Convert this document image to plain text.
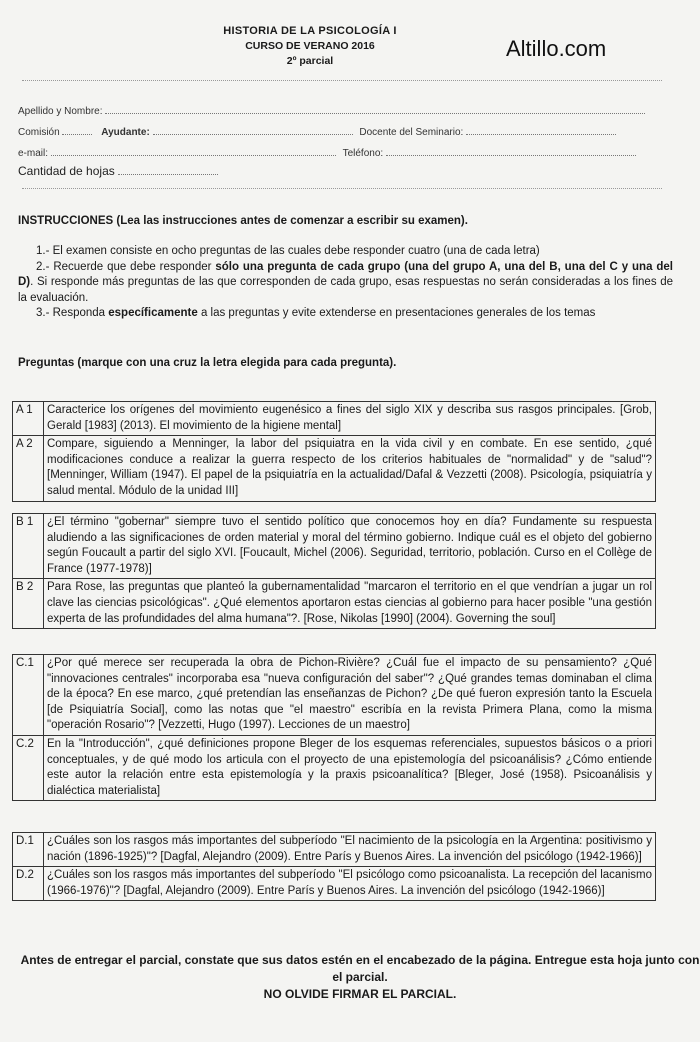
HISTORIA DE LA PSICOLOGÍA I
CURSO DE VERANO 2016
2º parcial	Altillo.com
Apellido y Nombre:
Comisión	Ayudante:	Docente del Seminario:
e-mail:	Teléfono:
Cantidad de hojas
INSTRUCCIONES (Lea las instrucciones antes de comenzar a escribir su examen).

1.- El examen consiste en ocho preguntas de las cuales debe responder cuatro (una de cada letra)

2.- Recuerde que debe responder sólo una pregunta de cada grupo (una del grupo A, una del B, una del C y una del D). Si responde más preguntas de las que corresponden de cada grupo, esas respuestas no serán consideradas a los fines de la evaluación.

3.- Responda específicamente a las preguntas y evite extenderse en presentaciones generales de los temas

Preguntas (marque con una cruz la letra elegida para cada pregunta).
A 1	Caracterice los orígenes del movimiento eugenésico a fines del siglo XIX y describa sus rasgos principales. [Grob, Gerald [1983] (2013). El movimiento de la higiene mental]
A 2	Compare, siguiendo a Menninger, la labor del psiquiatra en la vida civil y en combate. En ese sentido, ¿qué modificaciones conduce a realizar la guerra respecto de los criterios habituales de "normalidad" y de "salud"? [Menninger, William (1947). El papel de la psiquiatría en la actualidad/Dafal & Vezzetti (2008). Psicología, psiquiatría y salud mental. Módulo de la unidad III]
B 1	¿El término "gobernar" siempre tuvo el sentido político que conocemos hoy en día? Fundamente su respuesta aludiendo a las significaciones de orden material y moral del término gobierno. Indique cuál es el objeto del gobierno según Foucault a partir del siglo XVI. [Foucault, Michel (2006). Seguridad, territorio, población. Curso en el Collège de France (1977-1978)]
B 2	Para Rose, las preguntas que planteó la gubernamentalidad "marcaron el territorio en el que vendrían a jugar un rol clave las ciencias psicológicas". ¿Qué elementos aportaron estas ciencias al gobierno para hacer posible "una gestión experta de las profundidades del alma humana"?. [Rose, Nikolas [1990] (2004). Governing the soul]
C.1	¿Por qué merece ser recuperada la obra de Pichon-Rivière? ¿Cuál fue el impacto de su pensamiento? ¿Qué "innovaciones centrales" incorporaba esa "nueva configuración del saber"? ¿Qué grandes temas dominaban el clima de la época? En ese marco, ¿qué pretendían las enseñanzas de Pichon? ¿De qué fueron expresión tanto la Escuela [de Psiquiatría Social], como las notas que "el maestro" escribía en la revista Primera Plana, como la misma "operación Rosario"? [Vezzetti, Hugo (1997). Lecciones de un maestro]
C.2	En la "Introducción", ¿qué definiciones propone Bleger de los esquemas referenciales, supuestos básicos o a priori conceptuales, y de qué modo los articula con el proyecto de una epistemología del psicoanálisis? ¿Cómo entiende este autor la relación entre esta epistemología y la praxis psicoanalítica? [Bleger, José (1958). Psicoanálisis y dialéctica materialista]
D.1	¿Cuáles son los rasgos más importantes del subperíodo "El nacimiento de la psicología en la Argentina: positivismo y nación (1896-1925)"? [Dagfal, Alejandro (2009). Entre París y Buenos Aires. La invención del psicólogo (1942-1966)]
D.2	¿Cuáles son los rasgos más importantes del subperíodo "El psicólogo como psicoanalista. La recepción del lacanismo (1966-1976)"? [Dagfal, Alejandro (2009). Entre París y Buenos Aires. La invención del psicólogo (1942-1966)]
Antes de entregar el parcial, constate que sus datos estén en el encabezado de la página. Entregue esta hoja junto con el parcial.
NO OLVIDE FIRMAR EL PARCIAL.
